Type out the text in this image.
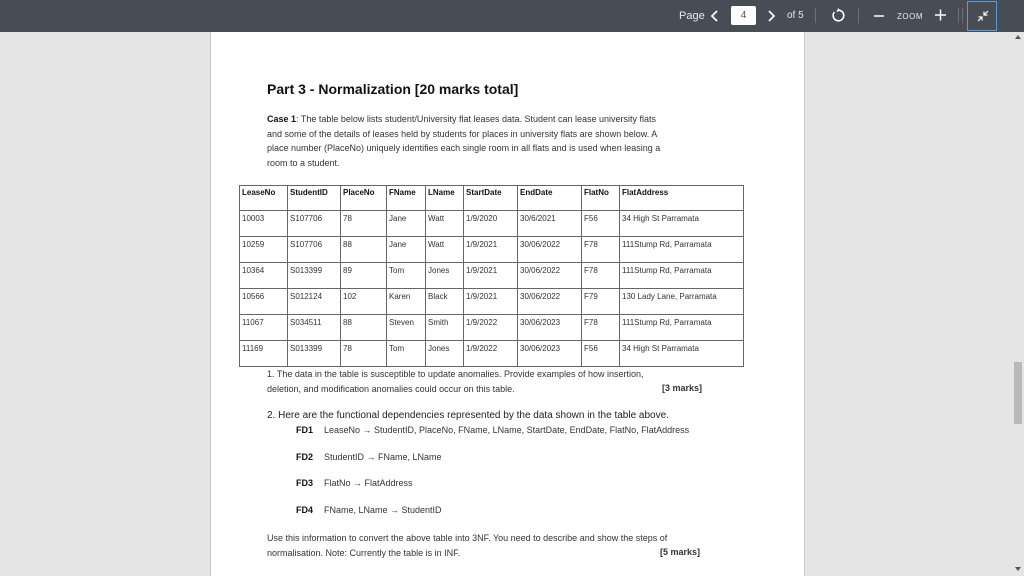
Page	4	of 5	ZOOM
Part 3 - Normalization [20 marks total]
Case 1: The table below lists student/University flat leases data. Student can lease university flats
and some of the details of leases held by students for places in university flats are shown below. A
place number (PlaceNo) uniquely identifies each single room in all flats and is used when leasing a
room to a student.
LeaseNo	StudentID	PlaceNo	FName	LName	StartDate	EndDate	FlatNo	FlatAddress
10003	S107706	78	Jane	Watt	1/9/2020	30/6/2021	F56	34 High St Parramata
10259	S107706	88	Jane	Watt	1/9/2021	30/06/2022	F78	111Stump Rd, Parramata
10364	S013399	89	Tom	Jones	1/9/2021	30/06/2022	F78	111Stump Rd, Parramata
10566	S012124	102	Karen	Black	1/9/2021	30/06/2022	F79	130 Lady Lane, Parramata
11067	S034511	88	Steven	Smith	1/9/2022	30/06/2023	F78	111Stump Rd, Parramata
11169	S013399	78	Tom	Jones	1/9/2022	30/06/2023	F56	34 High St Parramata
1. The data in the table is susceptible to update anomalies. Provide examples of how insertion,
deletion, and modification anomalies could occur on this table.	[3 marks]
2. Here are the functional dependencies represented by the data shown in the table above.
FD1 LeaseNo → StudentID, PlaceNo, FName, LName, StartDate, EndDate, FlatNo, FlatAddress
FD2 StudentID → FName, LName
FD3 FlatNo → FlatAddress
FD4 FName, LName → StudentID
Use this information to convert the above table into 3NF. You need to describe and show the steps of
normalisation. Note: Currently the table is in INF.	[5 marks]
